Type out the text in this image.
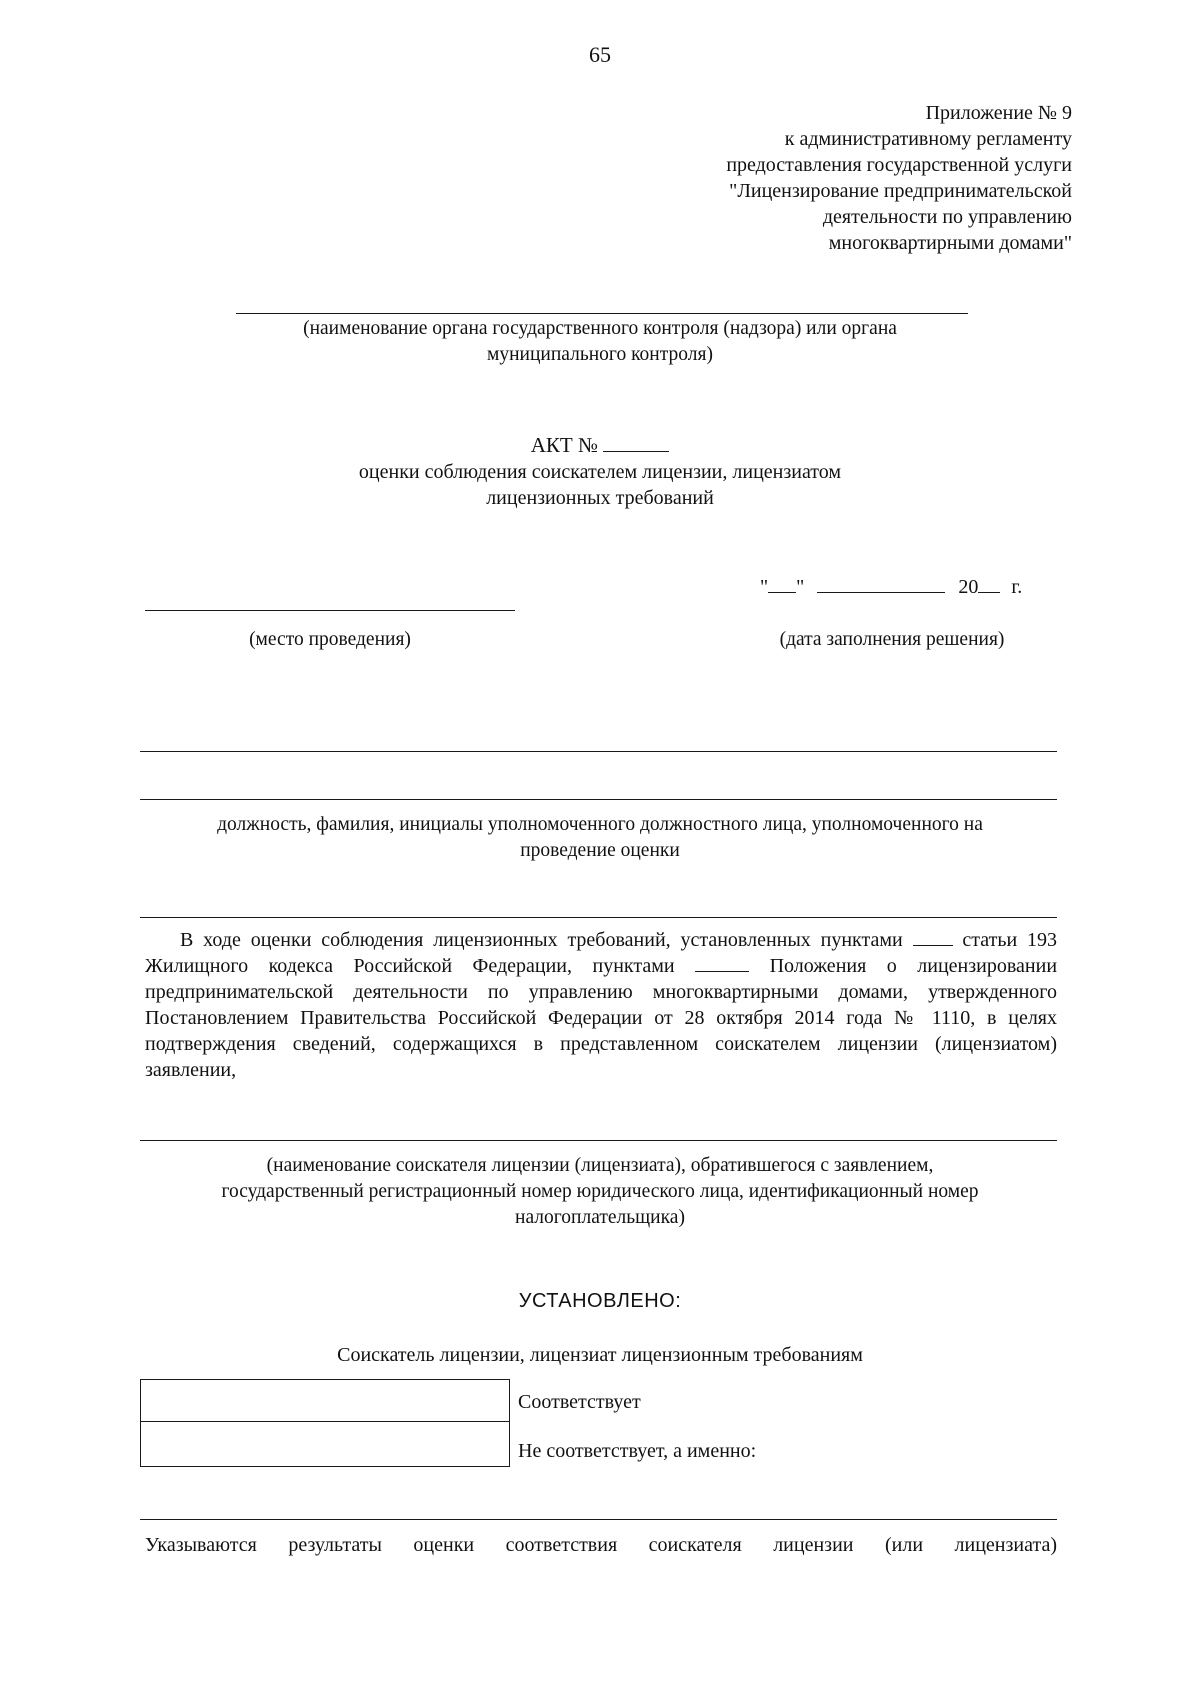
65
Приложение № 9
к административному регламенту
предоставления государственной услуги
"Лицензирование предпринимательской
деятельности по управлению
многоквартирными домами"
(наименование органа государственного контроля (надзора) или органа
муниципального контроля)
АКТ №
оценки соблюдения соискателем лицензии, лицензиатом
лицензионных требований
" "	20 г.
(место проведения)	(дата заполнения решения)
должность, фамилия, инициалы уполномоченного должностного лица, уполномоченного на
проведение оценки
В ходе оценки соблюдения лицензионных требований, установленных пунктами	статьи 193 Жилищного кодекса Российской Федерации, пунктами	Положения о лицензировании предпринимательской деятельности по управлению многоквартирными домами, утвержденного Постановлением Правительства Российской Федерации от 28 октября 2014 года № 1110, в целях подтверждения сведений, содержащихся в представленном соискателем лицензии (лицензиатом) заявлении,
(наименование соискателя лицензии (лицензиата), обратившегося с заявлением,
государственный регистрационный номер юридического лица, идентификационный номер
налогоплательщика)
УСТАНОВЛЕНО:
Соискатель лицензии, лицензиат лицензионным требованиям
Соответствует
Не соответствует, а именно:
Указываются результаты оценки соответствия соискателя лицензии (или лицензиата)
